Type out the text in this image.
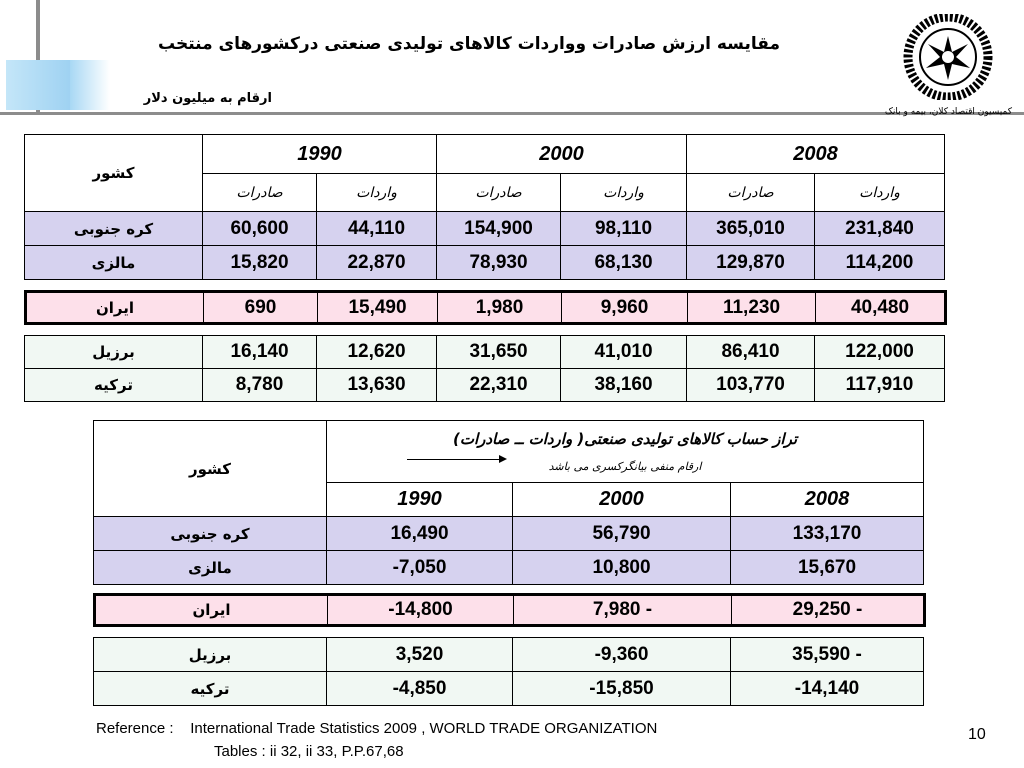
مقایسه ارزش صادرات وواردات کالاهای تولیدی صنعتی درکشورهای منتخب
ارقام به میلیون دلار
کمیسیون اقتصاد کلان، بیمه و بانک
کشور	1990		2000		2008	
	صادرات	واردات	صادرات	واردات	صادرات	واردات
کره جنوبی	60,600	44,110	154,900	98,110	365,010	231,840
مالزی	15,820	22,870	78,930	68,130	129,870	114,200
ایران	690	15,490	1,980	9,960	11,230	40,480
برزیل	16,140	12,620	31,650	41,010	86,410	122,000
ترکیه	8,780	13,630	22,310	38,160	103,770	117,910
کشور	تراز حساب کالاهای تولیدی صنعتی( واردات ــ صادرات)
ارقام منفی بیانگرکسری می باشد		

	1990	2000	2008
کره جنوبی	16,490	56,790	133,170
مالزی	-7,050	10,800	15,670
ایران	-14,800	7,980 -	29,250 -
برزیل	3,520	-9,360	35,590 -
ترکیه	-4,850	-15,850	-14,140
Reference : International Trade Statistics 2009 , WORLD TRADE ORGANIZATION
Tables : ii 32, ii 33, P.P.67,68
10
